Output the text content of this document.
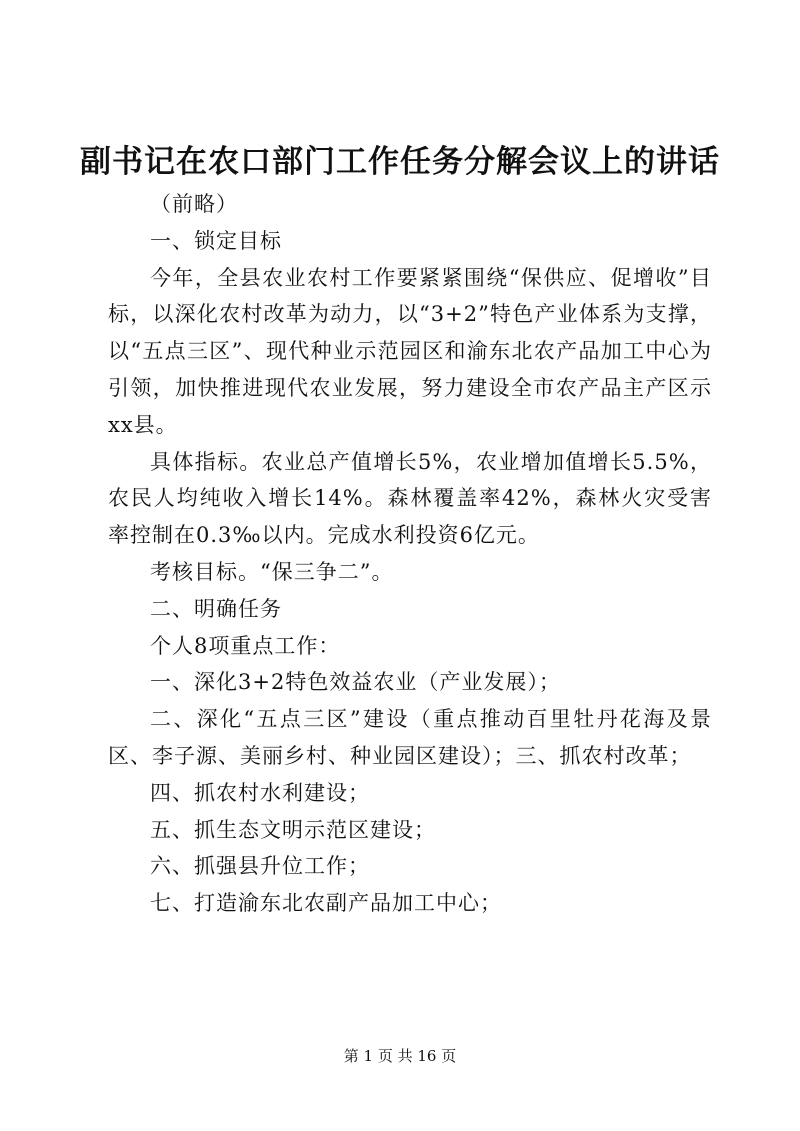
副书记在农口部门工作任务分解会议上的讲话

（前略）

一、锁定目标

今年，全县农业农村工作要紧紧围绕“保供应、促增收”目标，以深化农村改革为动力，以“3+2”特色产业体系为支撑，以“五点三区”、现代种业示范园区和渝东北农产品加工中心为引领，加快推进现代农业发展，努力建设全市农产品主产区示xx县。

具体指标。农业总产值增长5%，农业增加值增长5.5%，农民人均纯收入增长14%。森林覆盖率42%，森林火灾受害率控制在0.3‰以内。完成水利投资6亿元。

考核目标。“保三争二”。

二、明确任务

个人8项重点工作：

一、深化3+2特色效益农业（产业发展）；

二、深化“五点三区”建设（重点推动百里牡丹花海及景区、李子源、美丽乡村、种业园区建设）；三、抓农村改革；

四、抓农村水利建设；

五、抓生态文明示范区建设；

六、抓强县升位工作；

七、打造渝东北农副产品加工中心；

第 1 页 共 16 页
